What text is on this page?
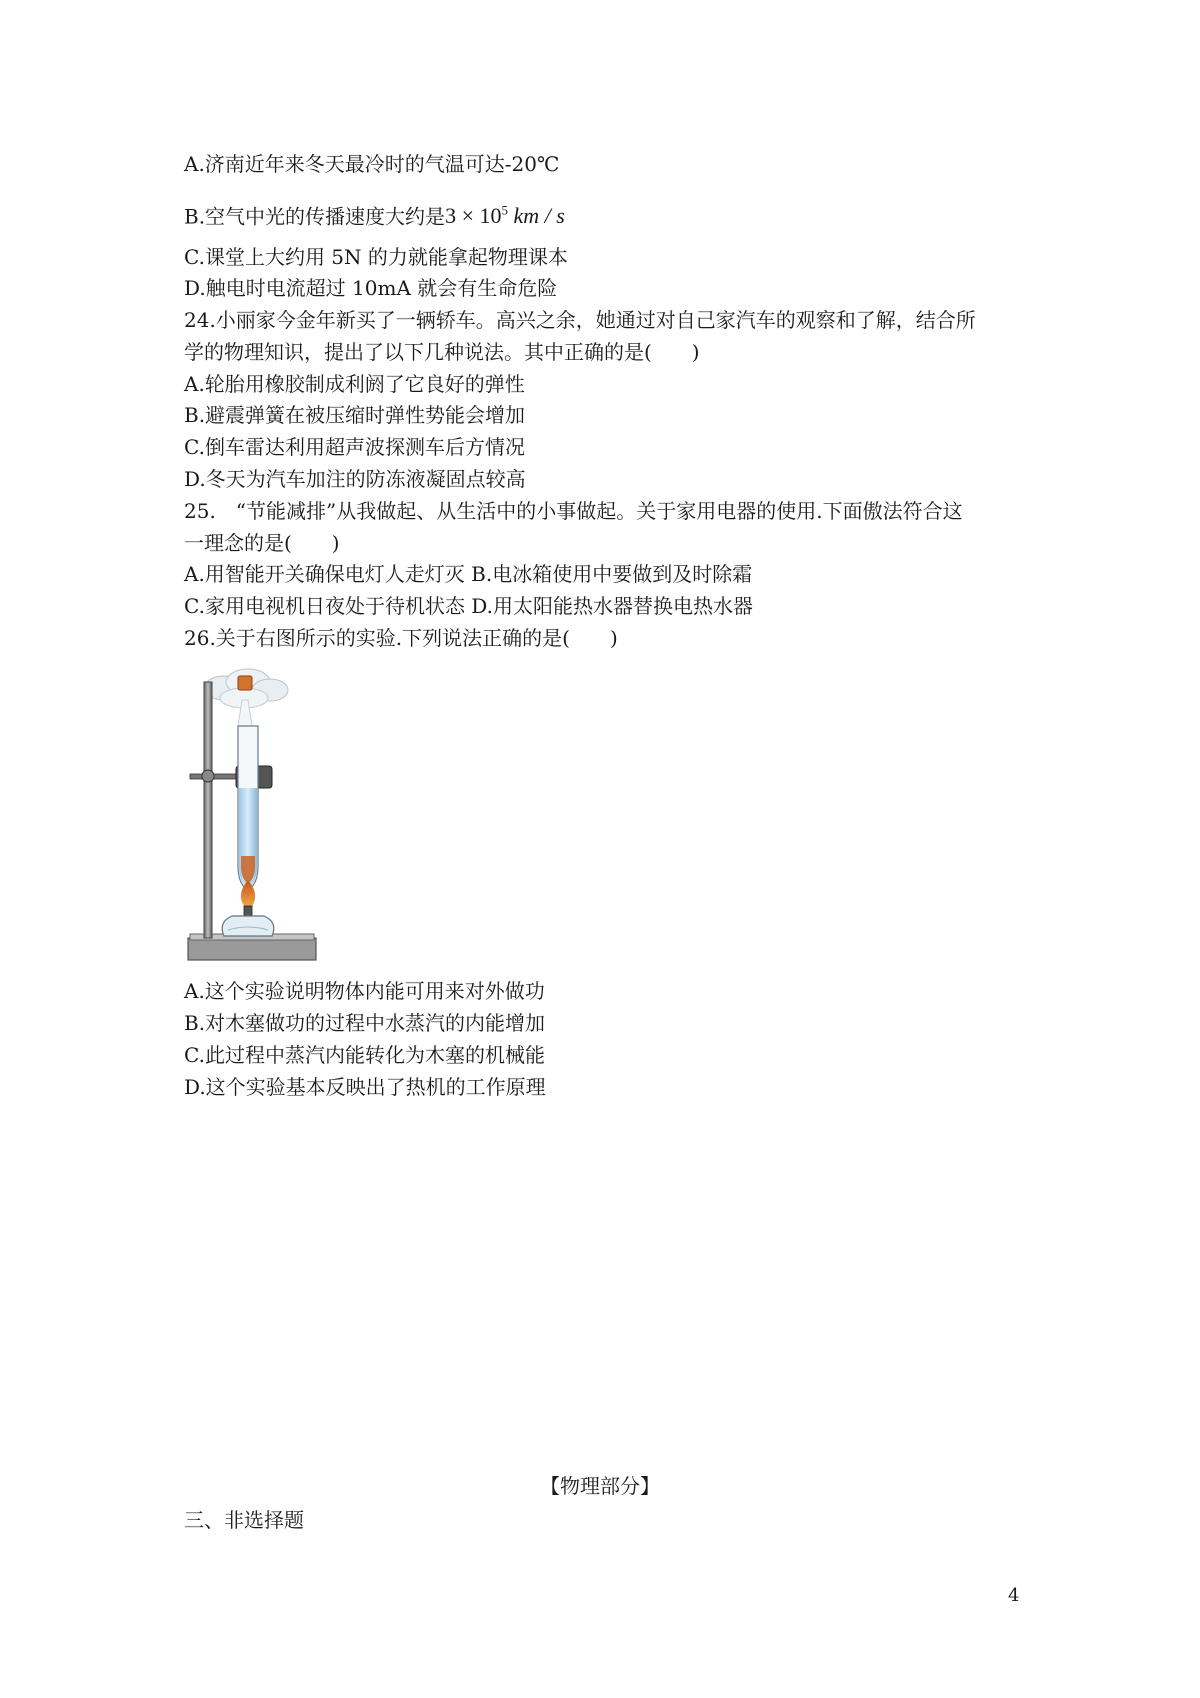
A.济南近年来冬天最冷时的气温可达-20℃
B.空气中光的传播速度大约是$3 \times 10^5$ km / s
C.课堂上大约用 5N 的力就能拿起物理课本
D.触电时电流超过 10mA 就会有生命危险
24.小丽家今金年新买了一辆轿车。高兴之余，她通过对自己家汽车的观察和了解，结合所
学的物理知识，提出了以下几种说法。其中正确的是(　　)
A.轮胎用橡胶制成利阏了它良好的弹性
B.避震弹簧在被压缩时弹性势能会增加
C.倒车雷达利用超声波探测车后方情况
D.冬天为汽车加注的防冻液凝固点较高
25.　“节能减排”从我做起、从生活中的小事做起。关于家用电器的使用.下面傲法符合这
一理念的是(　　)
A.用智能开关确保电灯人走灯灭 B.电冰箱使用中要做到及时除霜
C.家用电视机日夜处于待机状态 D.用太阳能热水器替换电热水器
26.关于右图所示的实验.下列说法正确的是(　　)
A.这个实验说明物体内能可用来对外做功
B.对木塞做功的过程中水蒸汽的内能增加
C.此过程中蒸汽内能转化为木塞的机械能
D.这个实验基本反映出了热机的工作原理
【物理部分】
三、非选择题
4
